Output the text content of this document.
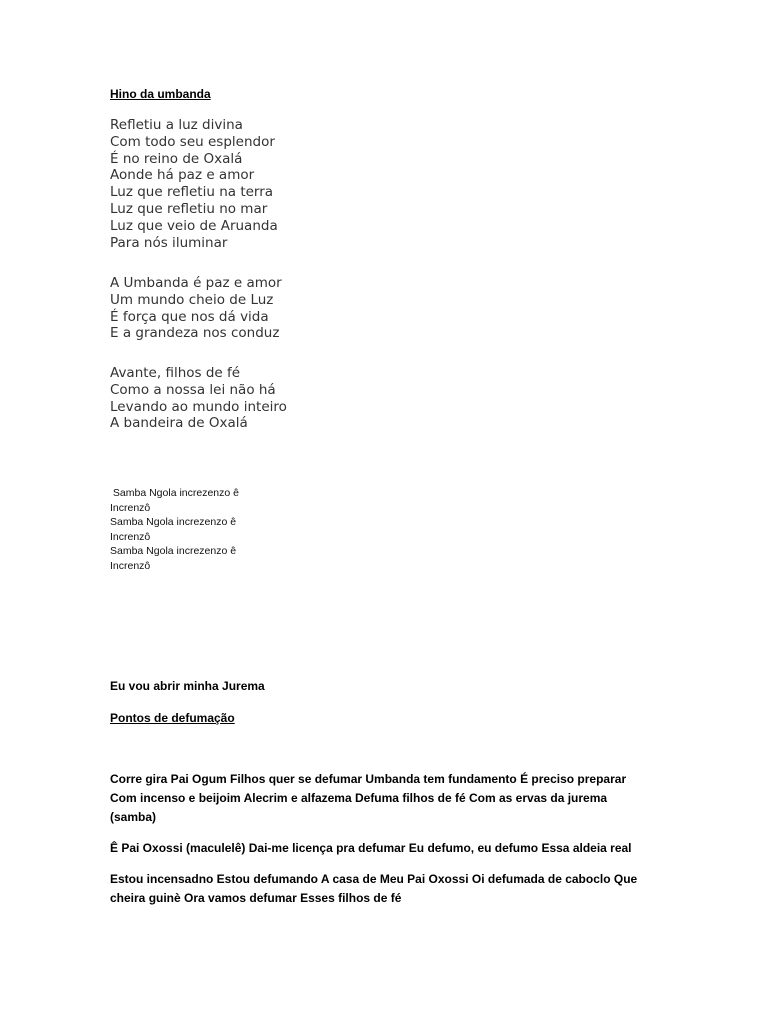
Hino da umbanda
Refletiu a luz divina
Com todo seu esplendor
É no reino de Oxalá
Aonde há paz e amor
Luz que refletiu na terra
Luz que refletiu no mar
Luz que veio de Aruanda
Para nós iluminar
A Umbanda é paz e amor
Um mundo cheio de Luz
É força que nos dá vida
E a grandeza nos conduz
Avante, filhos de fé
Como a nossa lei não há
Levando ao mundo inteiro
A bandeira de Oxalá
Samba Ngola increzenzo ê
Increnzô
Samba Ngola increzenzo ê
Increnzô
Samba Ngola increzenzo ê
Increnzô
Eu vou abrir minha Jurema
Pontos de defumação
Corre gira Pai Ogum Filhos quer se defumar Umbanda tem fundamento É preciso preparar Com incenso e beijoim Alecrim e alfazema Defuma filhos de fé Com as ervas da jurema (samba)
Ê Pai Oxossi (maculelê) Dai-me licença pra defumar Eu defumo, eu defumo Essa aldeia real
Estou incensadno Estou defumando A casa de Meu Pai Oxossi Oi defumada de caboclo Que cheira guinè Ora vamos defumar Esses filhos de fé
